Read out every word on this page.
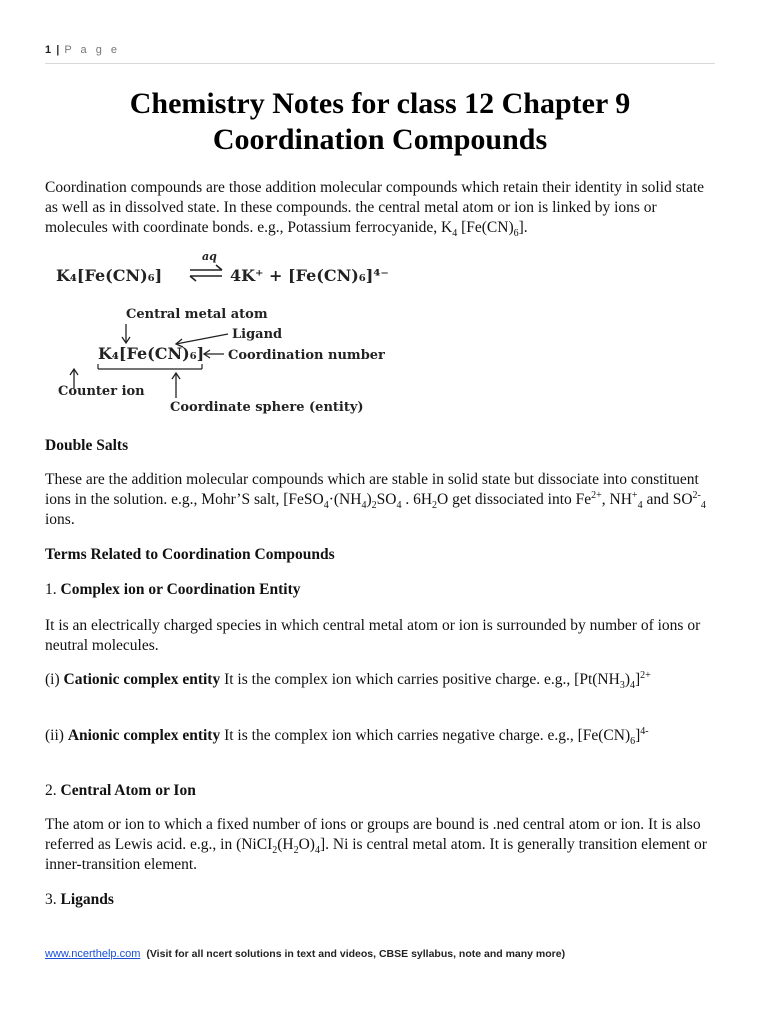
1 | P a g e
Chemistry Notes for class 12 Chapter 9
Coordination Compounds

Coordination compounds are those addition molecular compounds which retain their identity in solid state as well as in dissolved state. In these compounds. the central metal atom or ion is linked by ions or molecules with coordinate bonds. e.g., Potassium ferrocyanide, $K_4$ $[Fe(CN)_6]$.

K₄[Fe(CN)₆]
aq
4K⁺ + [Fe(CN)₆]⁴⁻
Central metal atom
Ligand
K₄[Fe(CN)₆] Coordination number
Counter ion
Coordinate sphere (entity)
Double Salts

These are the addition molecular compounds which are stable in solid state but dissociate into constituent ions in the solution. e.g., Mohr’S salt, [$FeSO_4\cdot(NH_4)_2SO_4$ . $6H_2O$ get dissociated into $Fe^{2+}$, $NH^+_4$ and $SO^{2-}_4$ ions.

Terms Related to Coordination Compounds
1. Complex ion or Coordination Entity
It is an electrically charged species in which central metal atom or ion is surrounded by number of ions or neutral molecules.

(i) Cationic complex entity It is the complex ion which carries positive charge. e.g., $[Pt(NH_3)_4]^{2+}$

(ii) Anionic complex entity It is the complex ion which carries negative charge. e.g., $[Fe(CN)_6]^{4-}$

2. Central Atom or Ion

The atom or ion to which a fixed number of ions or groups are bound is .ned central atom or ion. It is also referred as Lewis acid. e.g., in $(NiCI_2(H_2O)_4]$. Ni is central metal atom. It is generally transition element or inner-transition element.

3. Ligands
www.ncerthelp.com (Visit for all ncert solutions in text and videos, CBSE syllabus, note and many more)
